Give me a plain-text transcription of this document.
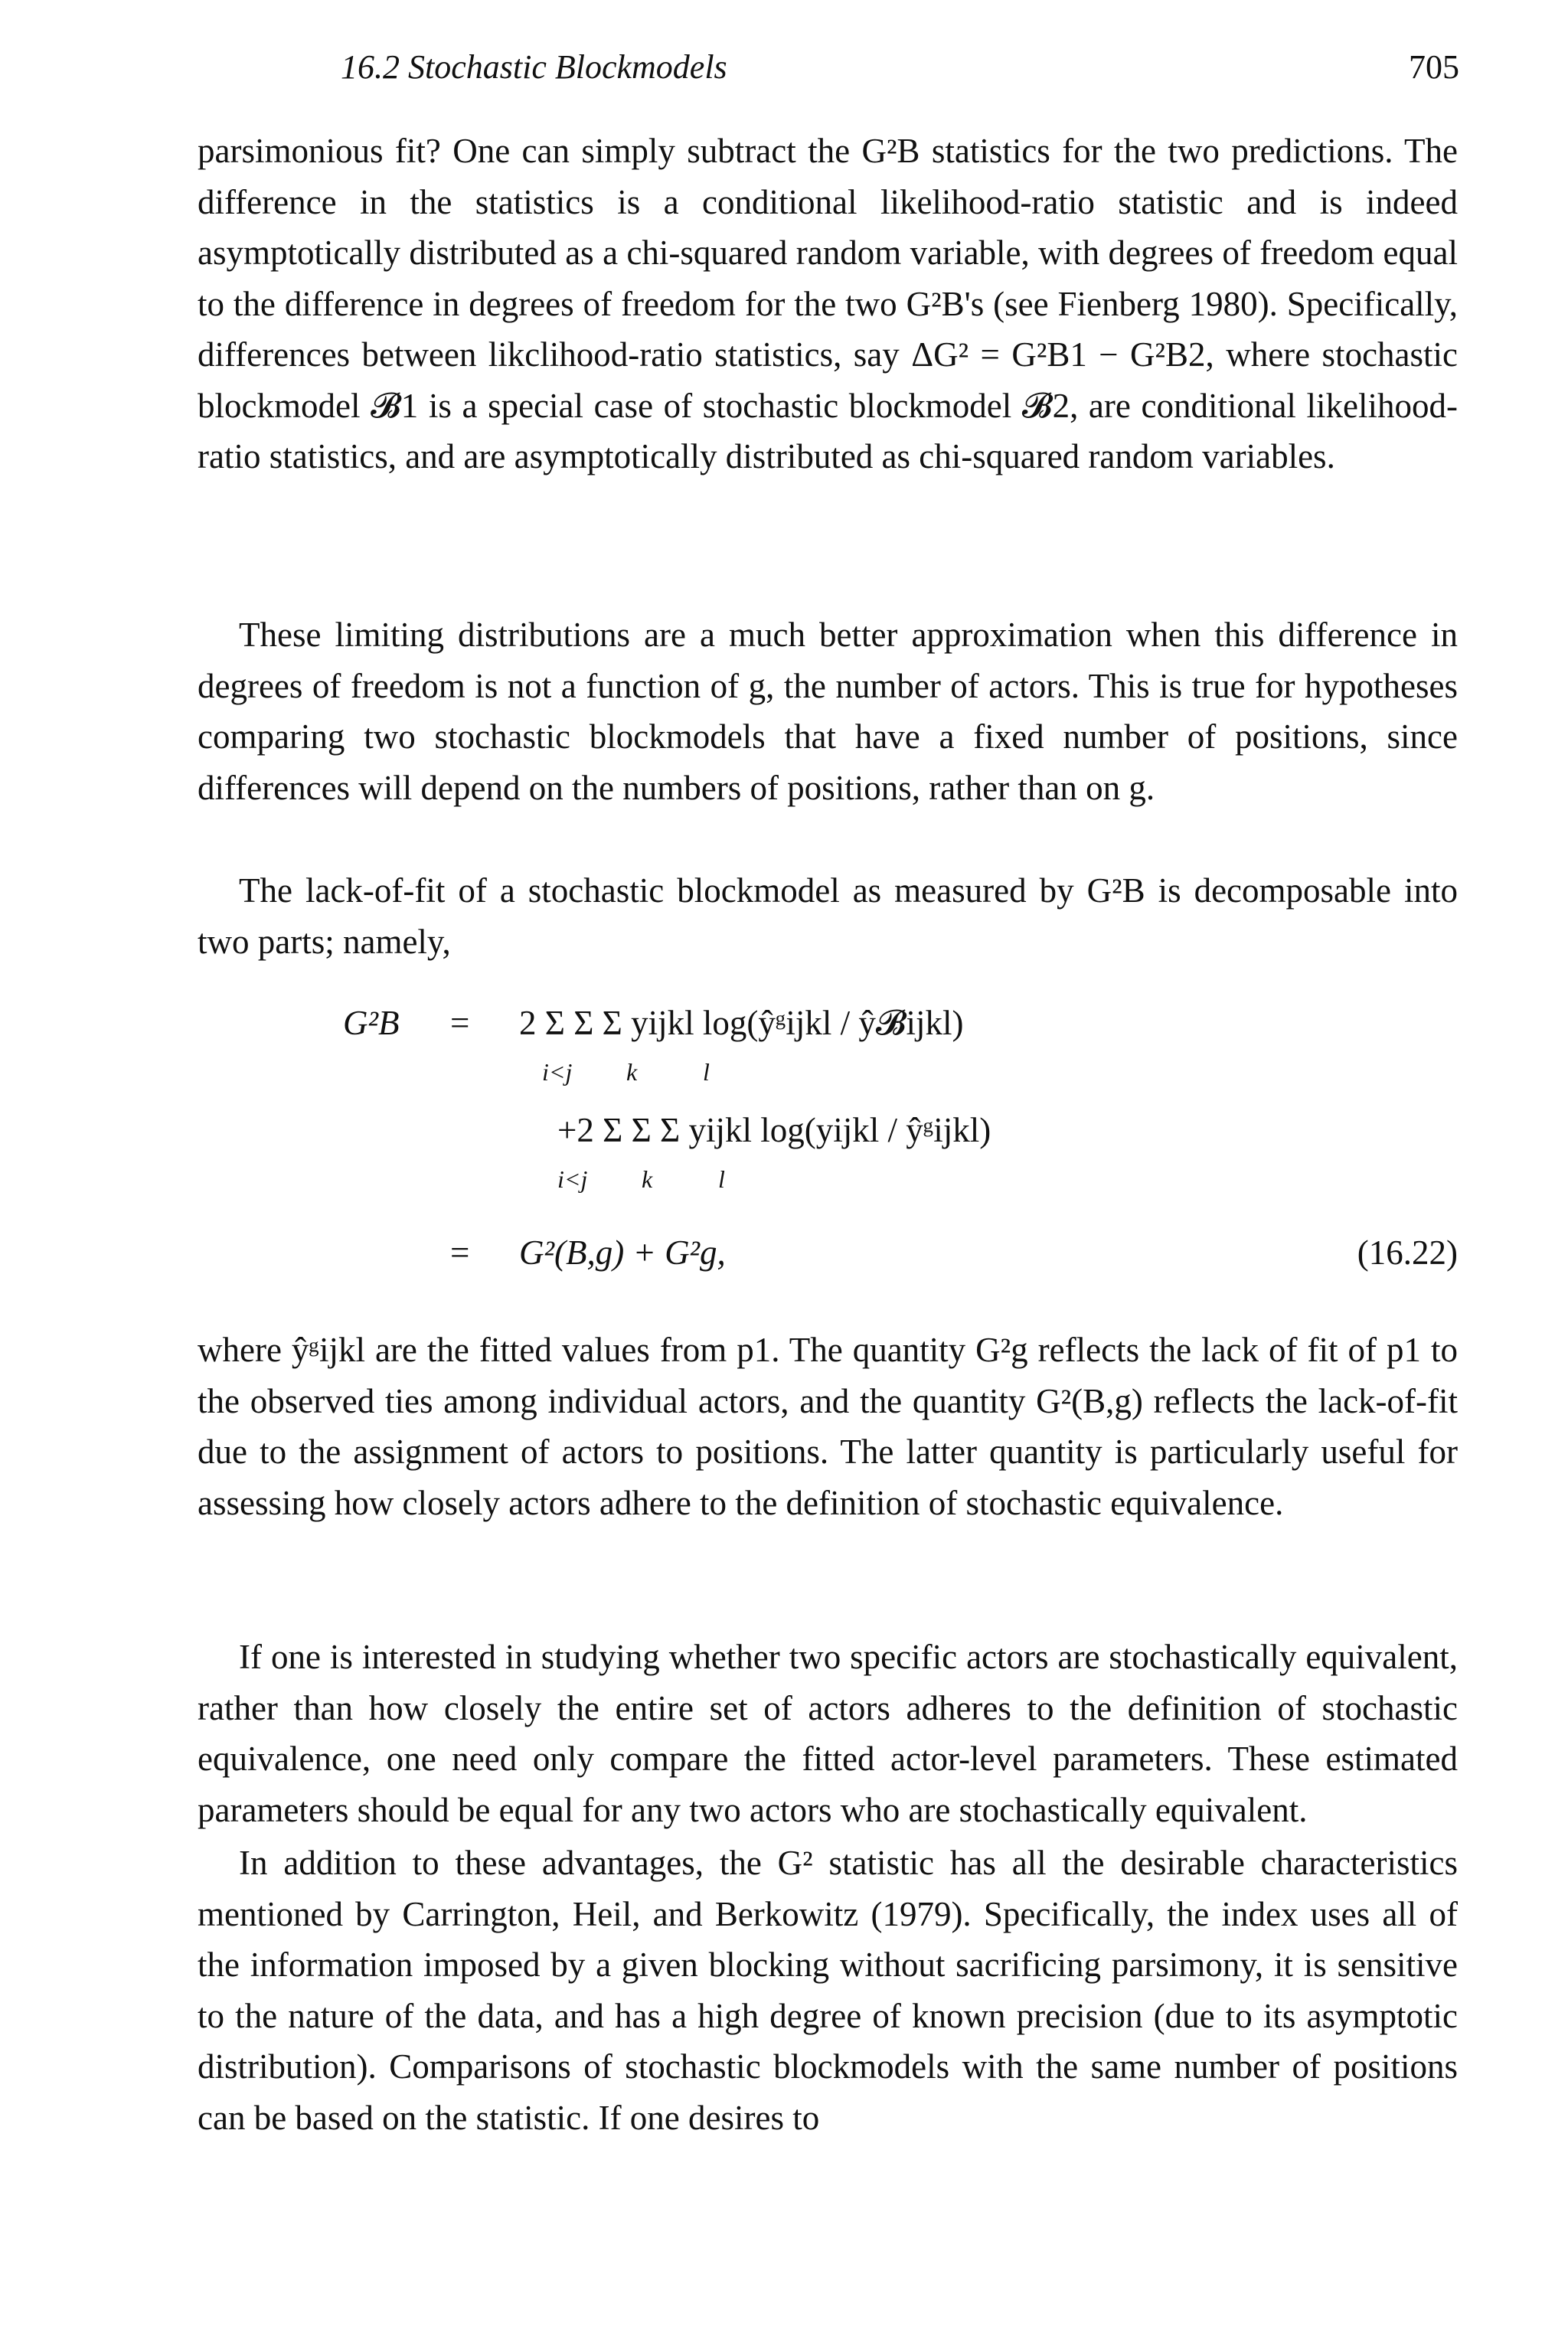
16.2 Stochastic Blockmodels	705

parsimonious fit? One can simply subtract the G²B statistics for the two predictions. The difference in the statistics is a conditional likelihood-ratio statistic and is indeed asymptotically distributed as a chi-squared random variable, with degrees of freedom equal to the difference in degrees of freedom for the two G²B's (see Fienberg 1980). Specifically, differences between likclihood-ratio statistics, say ΔG² = G²B1 − G²B2, where stochastic blockmodel 𝓑1 is a special case of stochastic blockmodel 𝓑2, are conditional likelihood-ratio statistics, and are asymptotically distributed as chi-squared random variables.

These limiting distributions are a much better approximation when this difference in degrees of freedom is not a function of g, the number of actors. This is true for hypotheses comparing two stochastic blockmodels that have a fixed number of positions, since differences will depend on the numbers of positions, rather than on g.

The lack-of-fit of a stochastic blockmodel as measured by G²B is decomposable into two parts; namely,

G²B = 2 Σ Σ Σ yijkl log(ŷᵍijkl / ŷ𝓑ijkl)
i<j k	l
+2 Σ Σ Σ yijkl log(yijkl / ŷᵍijkl)
i<j k	l
= G²(B,g) + G²g,	(16.22)

where ŷᵍijkl are the fitted values from p1. The quantity G²g reflects the lack of fit of p1 to the observed ties among individual actors, and the quantity G²(B,g) reflects the lack-of-fit due to the assignment of actors to positions. The latter quantity is particularly useful for assessing how closely actors adhere to the definition of stochastic equivalence.

If one is interested in studying whether two specific actors are stochastically equivalent, rather than how closely the entire set of actors adheres to the definition of stochastic equivalence, one need only compare the fitted actor-level parameters. These estimated parameters should be equal for any two actors who are stochastically equivalent.

In addition to these advantages, the G² statistic has all the desirable characteristics mentioned by Carrington, Heil, and Berkowitz (1979). Specifically, the index uses all of the information imposed by a given blocking without sacrificing parsimony, it is sensitive to the nature of the data, and has a high degree of known precision (due to its asymptotic distribution). Comparisons of stochastic blockmodels with the same number of positions can be based on the statistic. If one desires to
